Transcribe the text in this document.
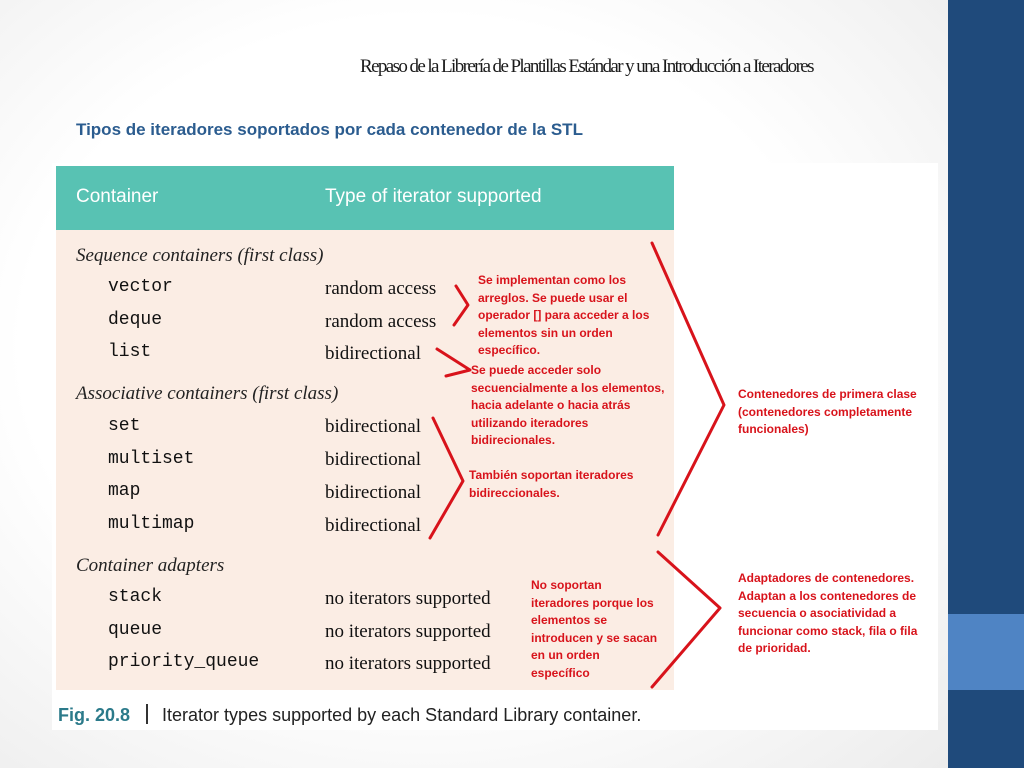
Repaso de la Librería de Plantillas Estándar y una Introducción a Iteradores
Tipos de iteradores soportados por cada contenedor de la STL
Container	Type of iterator supported
Sequence containers (first class)
vector	random access
deque	random access
list	bidirectional
Associative containers (first class)
set	bidirectional
multiset	bidirectional
map	bidirectional
multimap	bidirectional
Container adapters
stack	no iterators supported
queue	no iterators supported
priority_queue	no iterators supported
Fig. 20.8 Iterator types supported by each Standard Library container.
Se implementan como los
arreglos. Se puede usar el
operador [] para acceder a los
elementos sin un orden
específico.
Se puede acceder solo
secuencialmente a los elementos,
hacia adelante o hacia atrás
utilizando iteradores
bidirecionales.
También soportan iteradores
bidireccionales.
No soportan
iteradores porque los
elementos se
introducen y se sacan
en un orden
específico
Contenedores de primera clase
(contenedores completamente
funcionales)
Adaptadores de contenedores.
Adaptan a los contenedores de
secuencia o asociatividad a
funcionar como stack, fila o fila
de prioridad.
